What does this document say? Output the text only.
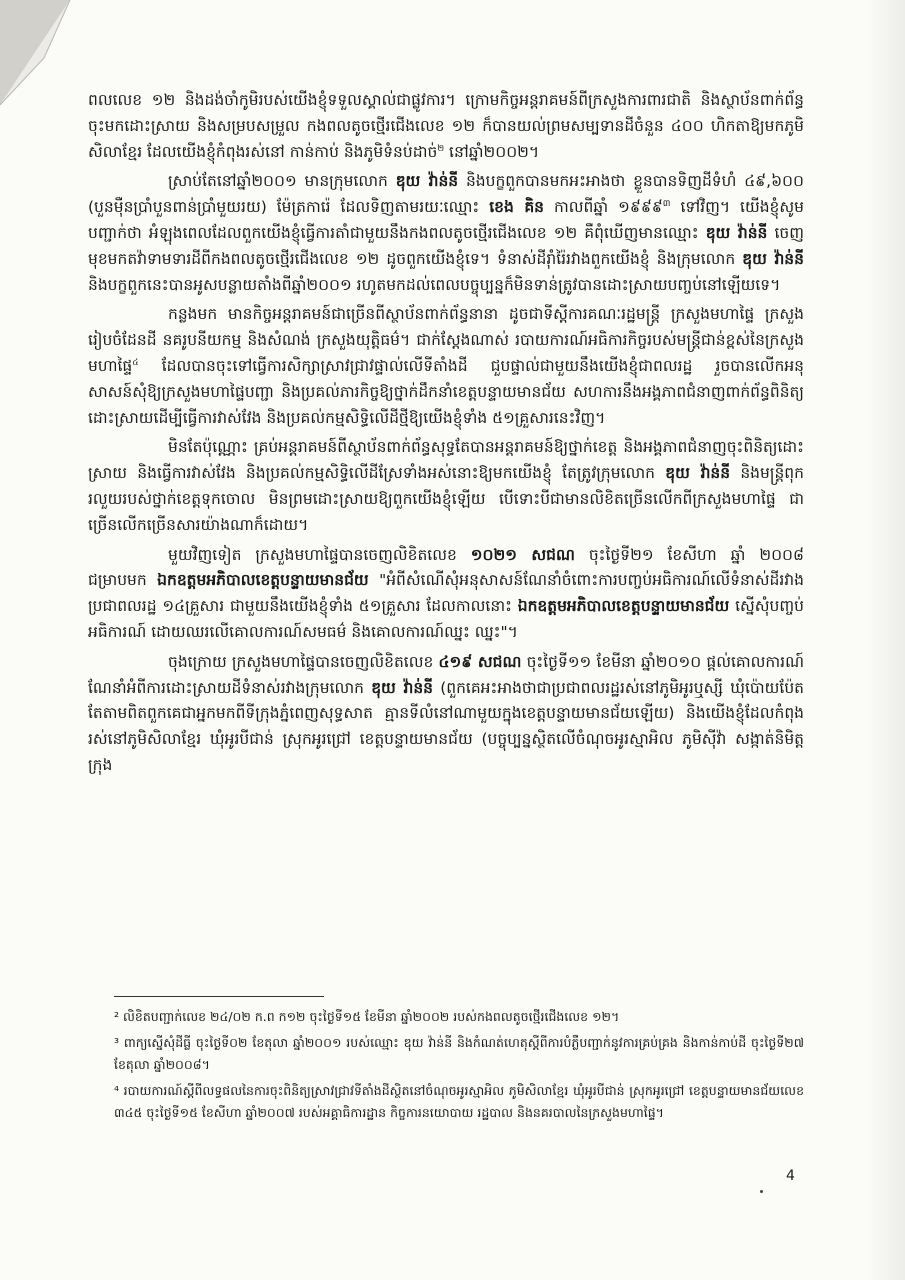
ពលលេខ ១២ និងដង់ចាំកូមិរបស់យើងខ្ញុំទទួលស្គាល់ជាផ្លូវការ។ ក្រោមកិច្ចអន្តរាគមន៍ពីក្រសួងការពារជាតិ និងស្ថាប័នពាក់ព័ន្ធចុះមកដោះស្រាយ និងសម្របសម្រួល កងពលតូចថ្មើរជើងលេខ ១២ ក៏បានយល់ព្រមសម្បទានដីចំនួន ៤០០ ហិកតាឱ្យមកភូមិសិលាខ្មែរ ដែលយើងខ្ញុំកំពុងរស់នៅ កាន់កាប់ និងភូមិទំនប់ដាច់$^២$ នៅឆ្នាំ២០០២។

ស្រាប់តែនៅឆ្នាំ២០០១ មានក្រុមលោក ឌុយ វ៉ាន់នី និងបក្ខពួកបានមកអះអាងថា ខ្លួនបានទិញដីទំហំ ៤៩,៦០០ (បួនម៉ឺនប្រាំបួនពាន់ប្រាំមួយរយ) ម៉ែត្រការ៉េ ដែលទិញតាមរយៈឈ្មោះ ខេង គិន កាលពីឆ្នាំ ១៩៩៩$^៣$ ទៅវិញ។ យើងខ្ញុំសូមបញ្ជាក់ថា អំឡុងពេលដែលពួកយើងខ្ញុំធ្វើការតាំជាមួយនឹងកងពលតូចថ្មើរជើងលេខ ១២ គឺពុំឃើញមានឈ្មោះ ឌុយ វ៉ាន់នី ចេញមុខមកតវ៉ាទាមទារដីពីកងពលតូចថ្មើរជើងលេខ ១២ ដូចពួកយើងខ្ញុំទេ។ ទំនាស់ដីរ៉ាំរ៉ៃរវាងពួកយើងខ្ញុំ និងក្រុមលោក ឌុយ វ៉ាន់នី និងបក្ខពួកនេះបានអូសបន្លាយតាំងពីឆ្នាំ២០០១ រហូតមកដល់ពេលបច្ចុប្បន្នក៏មិនទាន់ត្រូវបានដោះស្រាយបញ្ចប់នៅឡើយទេ។

កន្លងមក មានកិច្ចអន្តរាគមន៍ជាច្រើនពីស្ថាប័នពាក់ព័ន្ធនានា ដូចជាទីស្តីការគណៈរដ្ឋមន្ត្រី ក្រសួងមហាផ្ទៃ ក្រសួងរៀបចំដែនដី នគរូបនីយកម្ម និងសំណង់ ក្រសួងយុត្តិធម៌។ ជាក់ស្តែងណាស់ របាយការណ៍អធិការកិច្ចរបស់មន្ត្រីជាន់ខ្ពស់នៃក្រសួងមហាផ្ទៃ$^៤$ ដែលបានចុះទៅធ្វើការសិក្សាស្រាវជ្រាវផ្ទាល់លើទីតាំងដី ជួបផ្ទាល់ជាមួយនឹងយើងខ្ញុំជាពលរដ្ឋ រួចបានលើកអនុសាសន៍សុំឱ្យក្រសួងមហាផ្ទៃបញ្ជា និងប្រគល់ភារកិច្ចឱ្យថ្នាក់ដឹកនាំខេត្តបន្ទាយមានជ័យ សហការនឹងអង្គភាពជំនាញពាក់ព័ន្ធពិនិត្យដោះស្រាយដើម្បីធ្វើការវាស់វែង និងប្រគល់កម្មសិទ្ធិលើដីថ្មីឱ្យយើងខ្ញុំទាំង ៥១គ្រួសារនេះវិញ។

មិនតែប៉ុណ្ណោះ គ្រប់អន្តរាគមន៍ពីស្ថាប័នពាក់ព័ន្ធសុទ្ធតែបានអន្តរាគមន៍ឱ្យថ្នាក់ខេត្ត និងអង្គភាពជំនាញចុះពិនិត្យដោះស្រាយ និងធ្វើការវាស់វែង និងប្រគល់កម្មសិទ្ធិលើដីស្រែទាំងអស់នោះឱ្យមកយើងខ្ញុំ តែត្រូវក្រុមលោក ឌុយ វ៉ាន់នី និងមន្ត្រីពុករលួយរបស់ថ្នាក់ខេត្តទុកចោល មិនព្រមដោះស្រាយឱ្យពួកយើងខ្ញុំឡើយ បើទោះបីជាមានលិខិតច្រើនលើកពីក្រសួងមហាផ្ទៃ ជាច្រើនលើកច្រើនសារយ៉ាងណាក៏ដោយ។

មួយវិញទៀត ក្រសួងមហាផ្ទៃបានចេញលិខិតលេខ ១០២១ សជណ ចុះថ្ងៃទី២១ ខែសីហា ឆ្នាំ ២០០៨ ជម្រាបមក ឯកឧត្តមអភិបាលខេត្តបន្ទាយមានជ័យ "អំពីសំណើសុំអនុសាសន៍ណែនាំចំពោះការបញ្ចប់អធិការណ៍លើទំនាស់ដីរវាងប្រជាពលរដ្ឋ ១៤គ្រួសារ ជាមួយនឹងយើងខ្ញុំទាំង ៥១គ្រួសារ ដែលកាលនោះ ឯកឧត្តមអភិបាលខេត្តបន្ទាយមានជ័យ ស្នើសុំបញ្ចប់អធិការណ៍ ដោយឈរលើគោលការណ៍សមធម៌ និងគោលការណ៍ឈ្នះ ឈ្នះ"។

ចុងក្រោយ ក្រសួងមហាផ្ទៃបានចេញលិខិតលេខ ៤១៩ សជណ ចុះថ្ងៃទី១១ ខែមីនា ឆ្នាំ២០១០ ផ្តល់គោលការណ៍ណែនាំអំពីការដោះស្រាយដីទំនាស់រវាងក្រុមលោក ឌុយ វ៉ាន់នី (ពួកគេអះអាងថាជាប្រជាពលរដ្ឋរស់នៅភូមិអូរឬស្សី ឃុំប៉ោយប៉ែត តែតាមពិតពួកគេជាអ្នកមកពីទីក្រុងភ្នំពេញសុទ្ធសាត គ្មានទីលំនៅណាមួយក្នុងខេត្តបន្ទាយមានជ័យឡើយ) និងយើងខ្ញុំដែលកំពុងរស់នៅភូមិសិលាខ្មែរ ឃុំអូរបីជាន់ ស្រុកអូរជ្រៅ ខេត្តបន្ទាយមានជ័យ (បច្ចុប្បន្នស្ថិតលើចំណុចអូរស្មាអិល ភូមិស៊ីវ៉ា សង្កាត់និមិត្ត ក្រុង

² លិខិតបញ្ជាក់លេខ ២៤/០២ ក.ព ក១២ ចុះថ្ងៃទី១៥ ខែមីនា ឆ្នាំ២០០២ របស់កងពលតូចថ្មើរជើងលេខ ១២។

³ ពាក្យស្នើសុំដីធ្លី ចុះថ្ងៃទី០២ ខែតុលា ឆ្នាំ២០០១ របស់ឈ្មោះ ឌុយ វ៉ាន់នី និងកំណត់ហេតុស្តីពីការបំភ្លឺបញ្ជាក់នូវការគ្រប់គ្រង និងកាន់កាប់ដី ចុះថ្ងៃទី២៧ ខែតុលា ឆ្នាំ២០០៨។

⁴ របាយការណ៍ស្តីពីលទ្ធផលនៃការចុះពិនិត្យស្រាវជ្រាវទីតាំងដីស្ថិតនៅចំណុចអូរស្មាអិល ភូមិសិលាខ្មែរ ឃុំអូរបីជាន់ ស្រុកអូរជ្រៅ ខេត្តបន្ទាយមានជ័យលេខ ៣៤៥ ចុះថ្ងៃទី១៥ ខែសីហា ឆ្នាំ២០០៧ របស់អគ្គាធិការដ្ឋាន កិច្ចការនយោបាយ រដ្ឋបាល និងនគរបាលនៃក្រសួងមហាផ្ទៃ។

4
